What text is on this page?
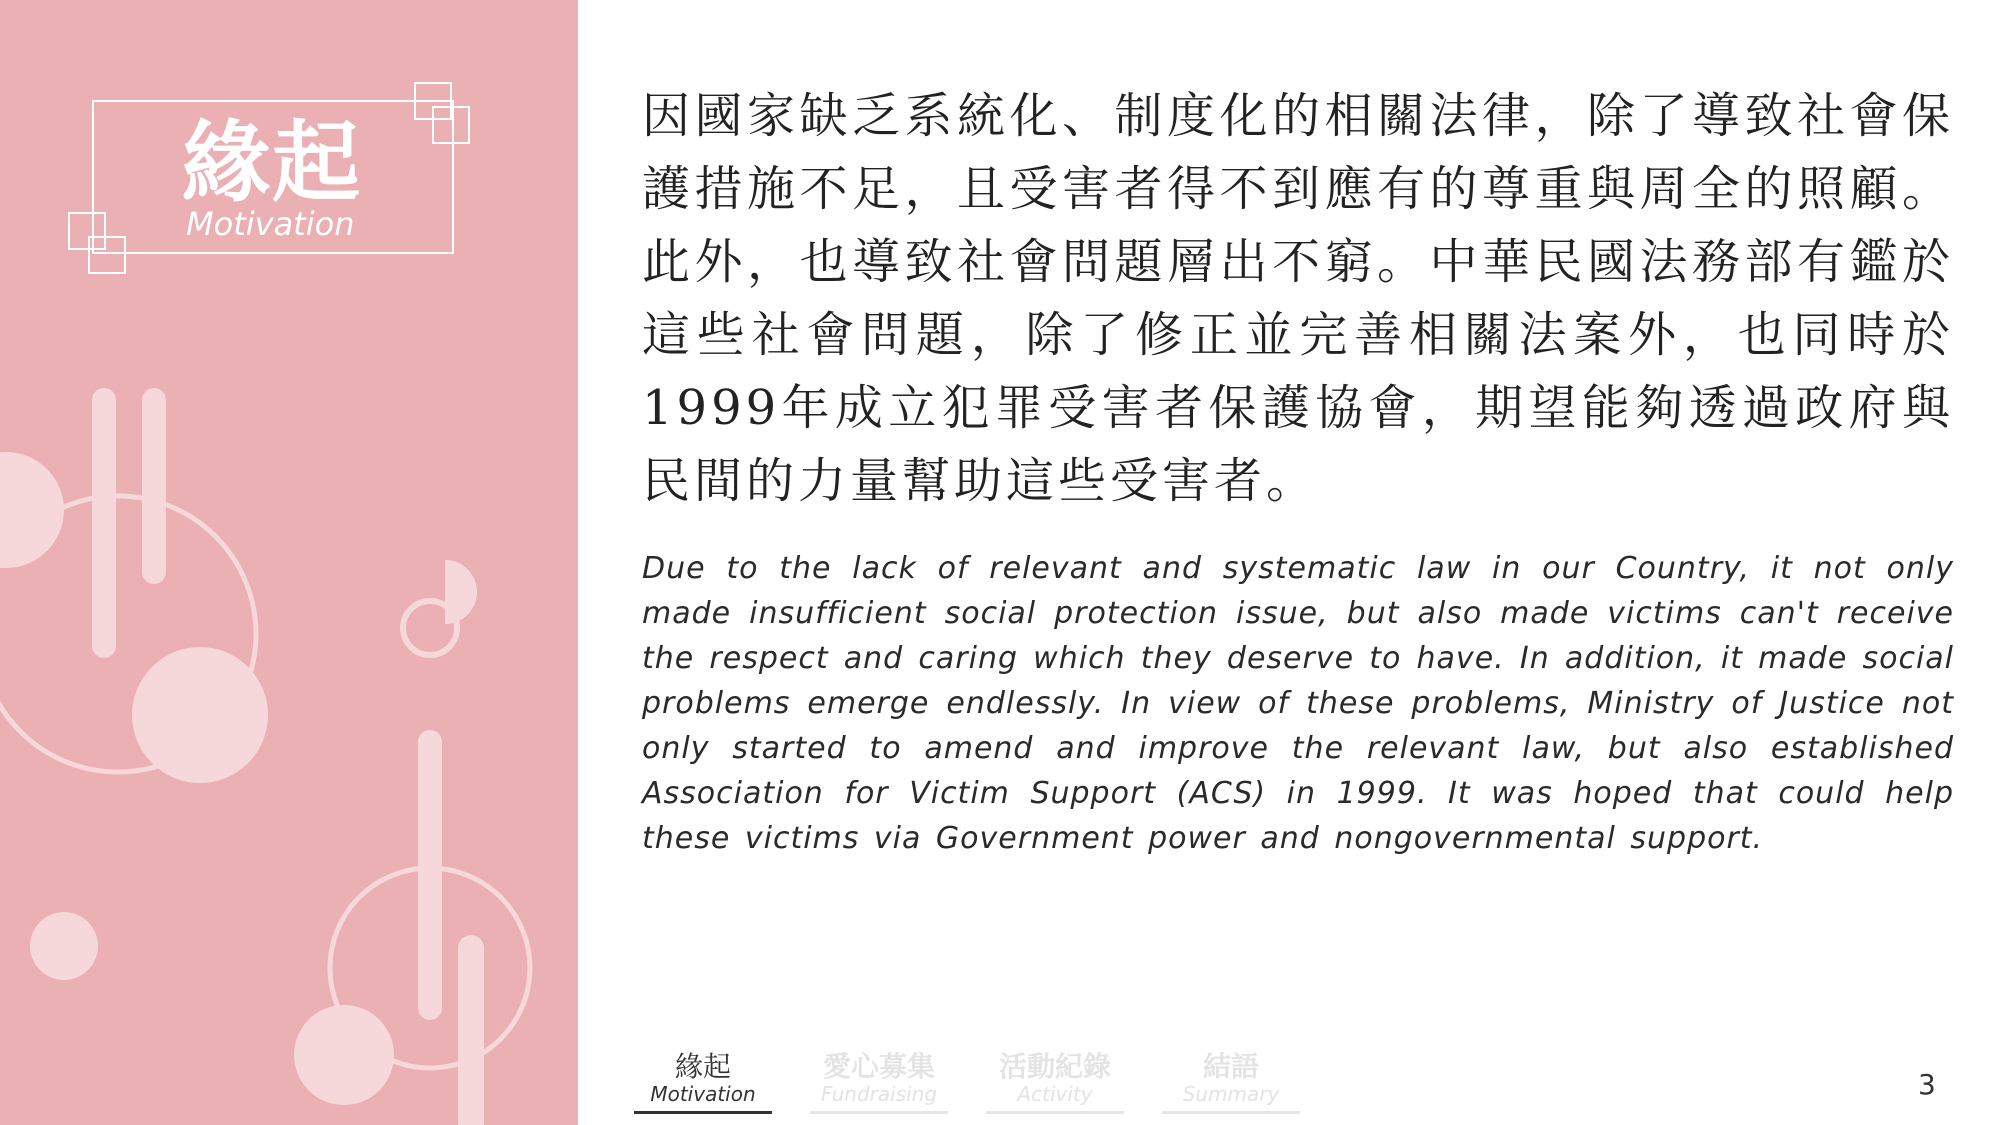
緣起
Motivation
因國家缺乏系統化、制度化的相關法律，除了導致社會保護措施不足，且受害者得不到應有的尊重與周全的照顧。此外，也導致社會問題層出不窮。中華民國法務部有鑑於這些社會問題，除了修正並完善相關法案外，也同時於1999年成立犯罪受害者保護協會，期望能夠透過政府與民間的力量幫助這些受害者。
Due to the lack of relevant and systematic law in our Country, it not only made insufficient social protection issue, but also made victims can't receive the respect and caring which they deserve to have. In addition, it made social problems emerge endlessly. In view of these problems, Ministry of Justice not only started to amend and improve the relevant law, but also established Association for Victim Support (ACS) in 1999. It was hoped that could help these victims via Government power and nongovernmental support.
緣起
Motivation
愛心募集
Fundraising
活動紀錄
Activity
結語
Summary	3
